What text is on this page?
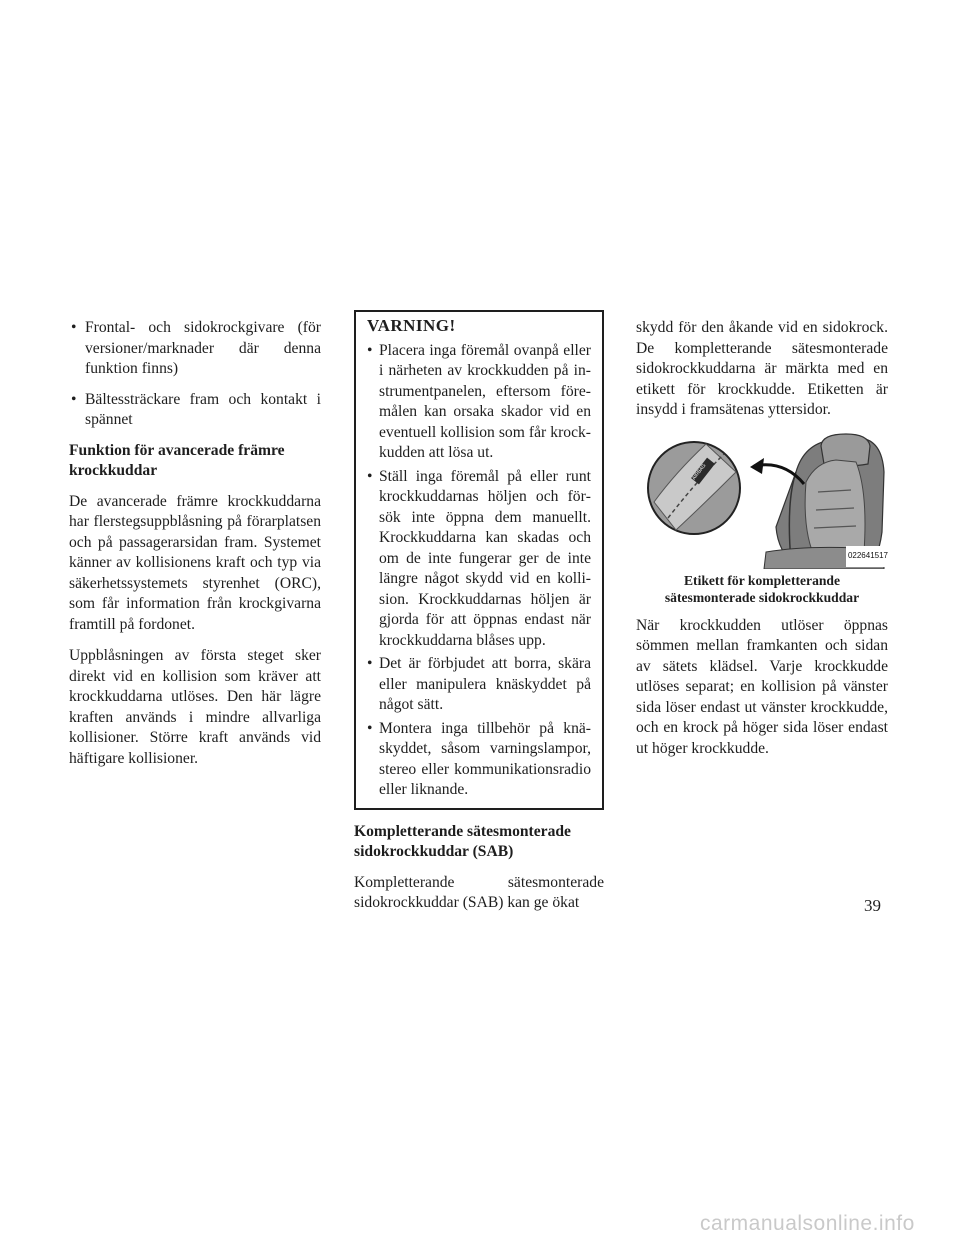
• Frontal- och sidokrockgivare (för versioner/marknader där denna funktion finns)
• Bältessträckare fram och kontakt i spännet
Funktion för avancerade främre krockkuddar

De avancerade främre krockkuddarna har flerstegsuppblåsning på förarplatsen och på passagerarsidan fram. Systemet känner av kollisionens kraft och typ via säkerhetssystemets styrenhet (ORC), som får information från krockgivarna framtill på fordonet.

Uppblåsningen av första steget sker direkt vid en kollision som kräver att krockkuddarna utlöses. Den här lägre kraften används i mindre allvarliga kollisioner. Större kraft används vid häftigare kollisioner.

VARNING!
• Placera inga föremål ovanpå eller i närheten av krockkudden på instrumentpanelen, eftersom föremålen kan orsaka skador vid en eventuell kollision som får krockkudden att lösa ut.
• Ställ inga föremål på eller runt krockkuddarnas höljen och försök inte öppna dem manuellt. Krockkuddarna kan skadas och om de inte fungerar ger de inte längre något skydd vid en kollision. Krockkuddarnas höljen är gjorda för att öppnas endast när krockkuddarna blåses upp.
• Det är förbjudet att borra, skära eller manipulera knäskyddet på något sätt.
• Montera inga tillbehör på knäskyddet, såsom varningslampor, stereo eller kommunikationsradio eller liknande.
Kompletterande sätesmonterade sidokrockkuddar (SAB)

Kompletterande sätesmonterade sidokrockkuddar (SAB) kan ge ökat

skydd för den åkande vid en sidokrock. De kompletterande sätesmonterade sidokrockkuddarna är märkta med en etikett för krockkudde. Etiketten är insydd i framsätenas yttersidor.

AIRBAG
022641517
Etikett för kompletterande
sätesmonterade sidokrockkuddar

När krockkudden utlöser öppnas sömmen mellan framkanten och sidan av sätets klädsel. Varje krockkudde utlöses separat; en kollision på vänster sida löser endast ut vänster krockkudde, och en krock på höger sida löser endast ut höger krockkudde.

39
carmanualsonline.info
